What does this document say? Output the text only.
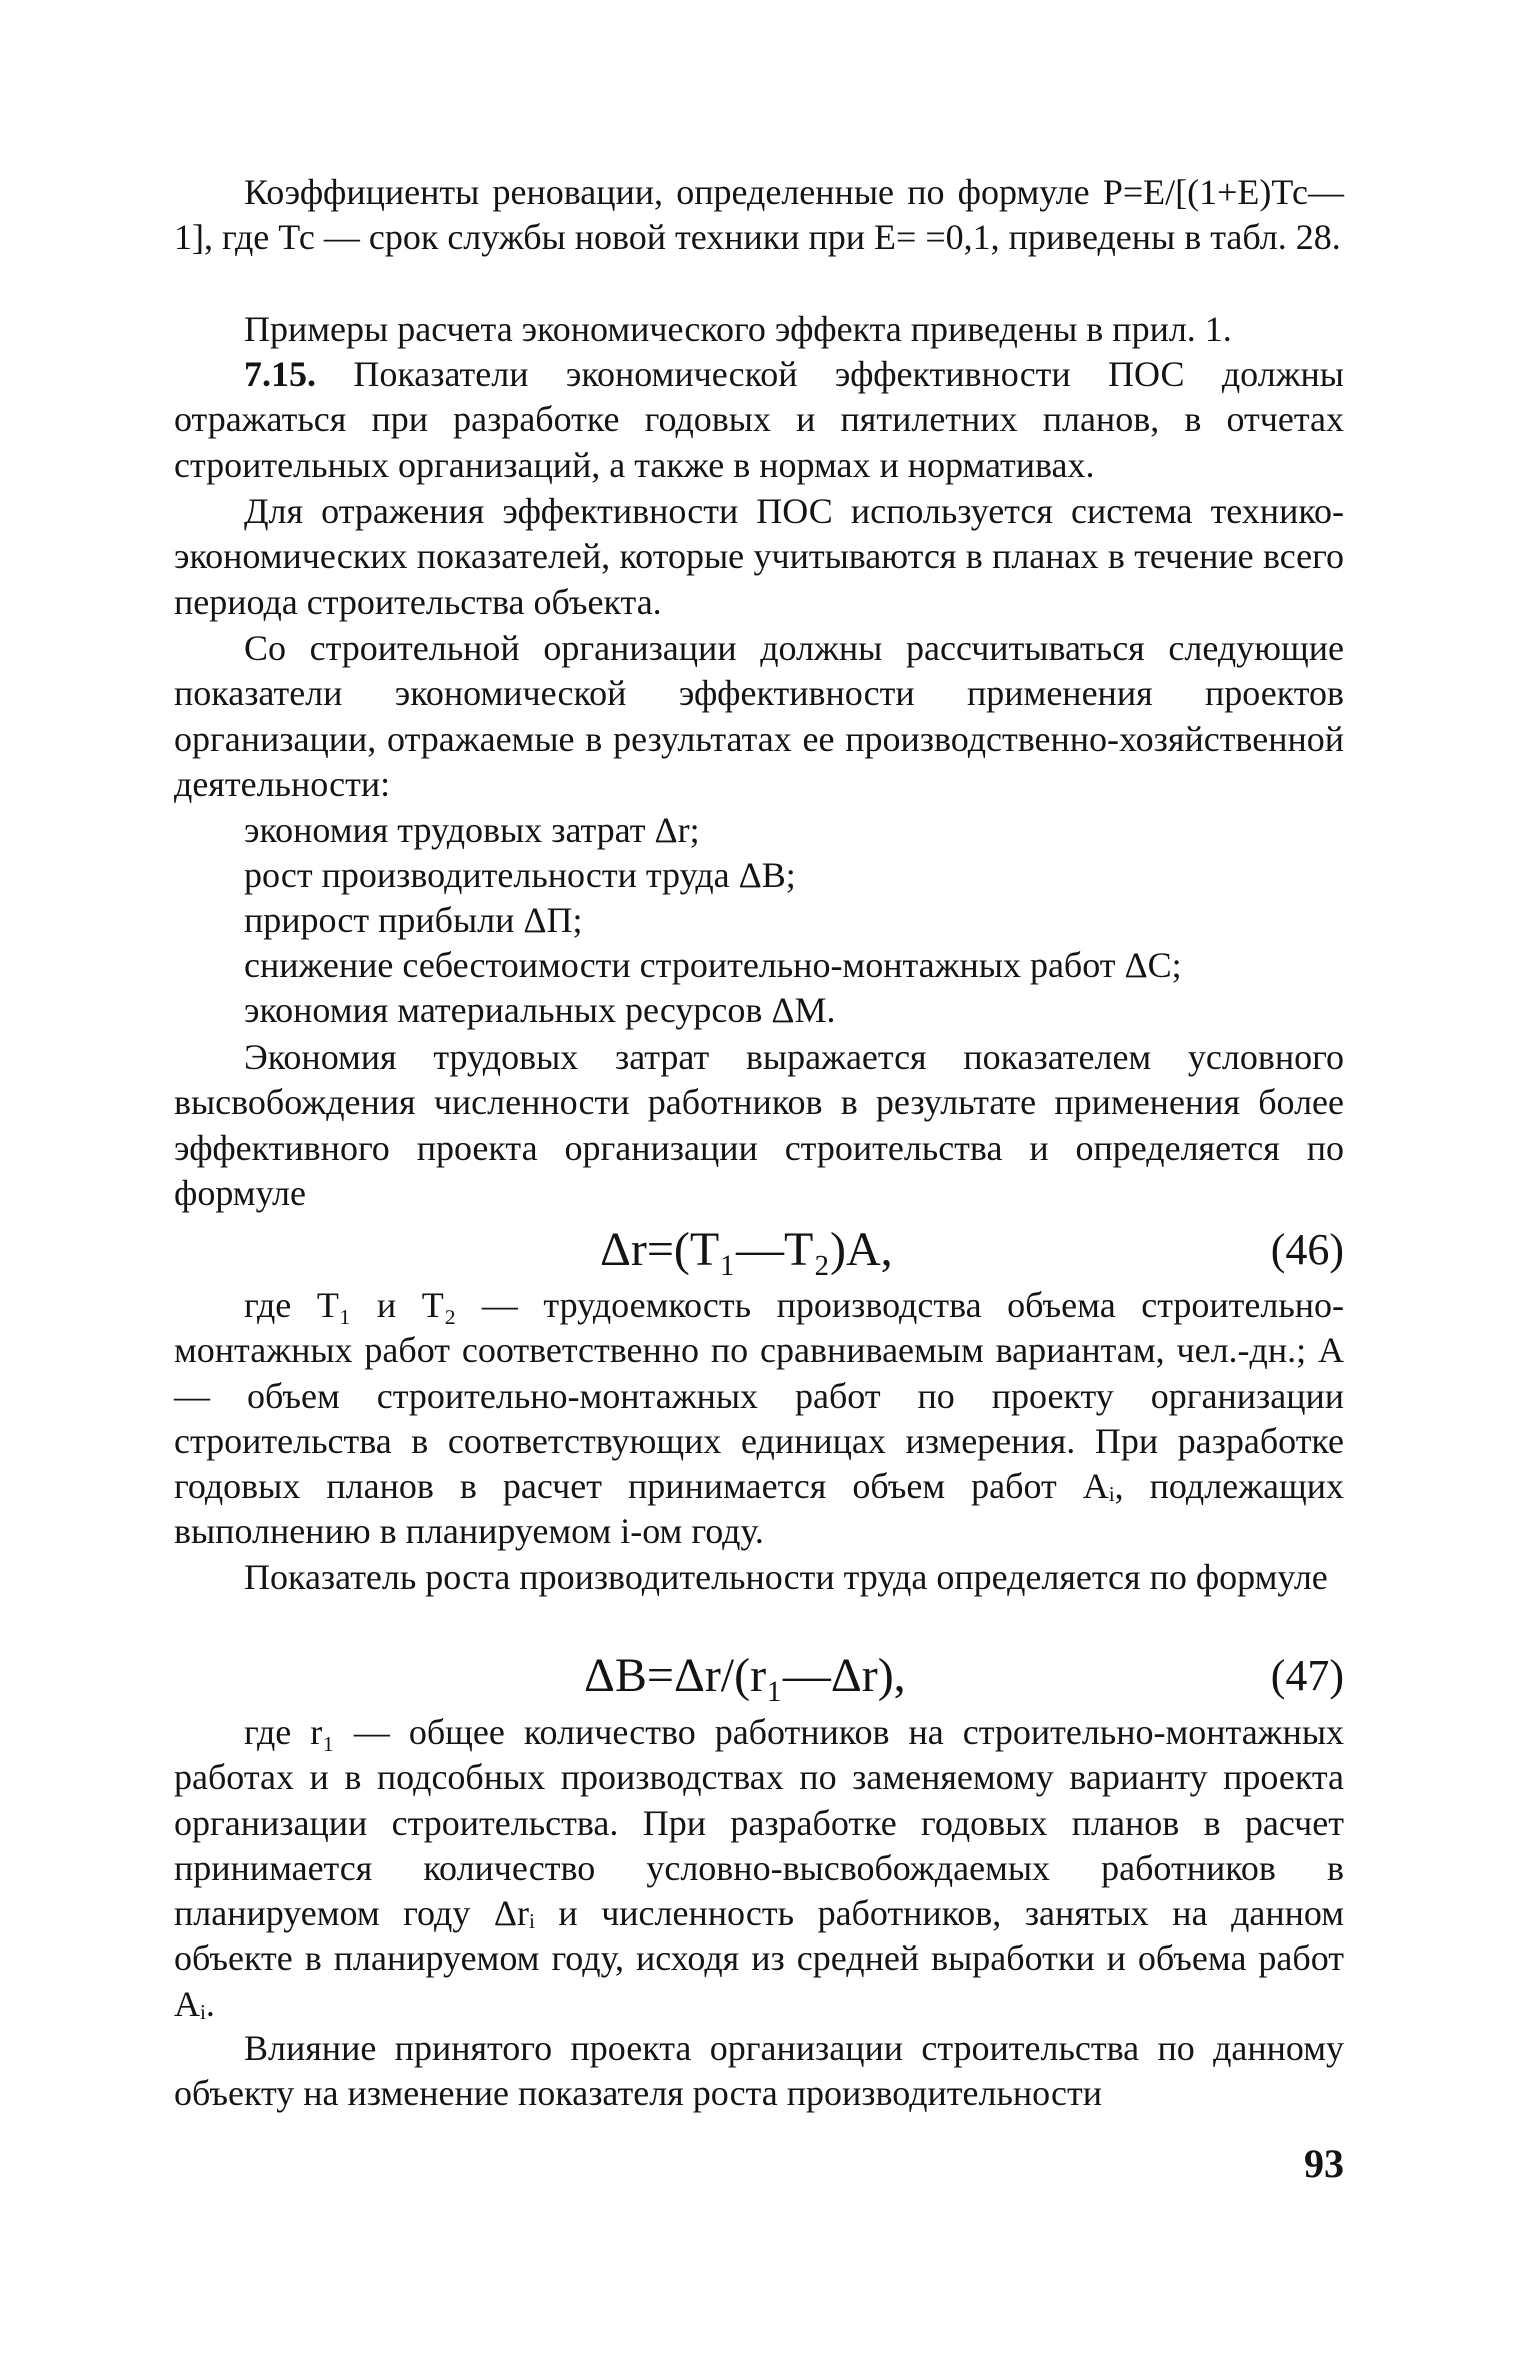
Коэффициенты реновации, определенные по формуле Р=Е/[(1+Е)Тс—1], где Тс — срок службы новой техники при Е= =0,1, приведены в табл. 28.

Примеры расчета экономического эффекта приведены в прил. 1.

7.15. Показатели экономической эффективности ПОС должны отражаться при разработке годовых и пятилетних планов, в отчетах строительных организаций, а также в нормах и нормативах.

Для отражения эффективности ПОС используется система технико-экономических показателей, которые учитываются в планах в течение всего периода строительства объекта.

Со строительной организации должны рассчитываться следующие показатели экономической эффективности применения проектов организации, отражаемые в результатах ее производственно-хозяйственной деятельности:

экономия трудовых затрат Δr;

рост производительности труда ΔВ;

прирост прибыли ΔП;

снижение себестоимости строительно-монтажных работ ΔС;

экономия материальных ресурсов ΔМ.

Экономия трудовых затрат выражается показателем условного высвобождения численности работников в результате применения более эффективного проекта организации строительства и определяется по формуле

Δr=(Т₁—Т₂)А,	(46)

где Т₁ и Т₂ — трудоемкость производства объема строительно-монтажных работ соответственно по сравниваемым вариантам, чел.-дн.; А — объем строительно-монтажных работ по проекту организации строительства в соответствующих единицах измерения. При разработке годовых планов в расчет принимается объем работ Аᵢ, подлежащих выполнению в планируемом i-ом году.

Показатель роста производительности труда определяется по формуле

ΔВ=Δr/(r₁—Δr),	(47)

где r₁ — общее количество работников на строительно-монтажных работах и в подсобных производствах по заменяемому варианту проекта организации строительства. При разработке годовых планов в расчет принимается количество условно-высвобождаемых работников в планируемом году Δrᵢ и численность работников, занятых на данном объекте в планируемом году, исходя из средней выработки и объема работ Аᵢ.

Влияние принятого проекта организации строительства по данному объекту на изменение показателя роста производительности

93
